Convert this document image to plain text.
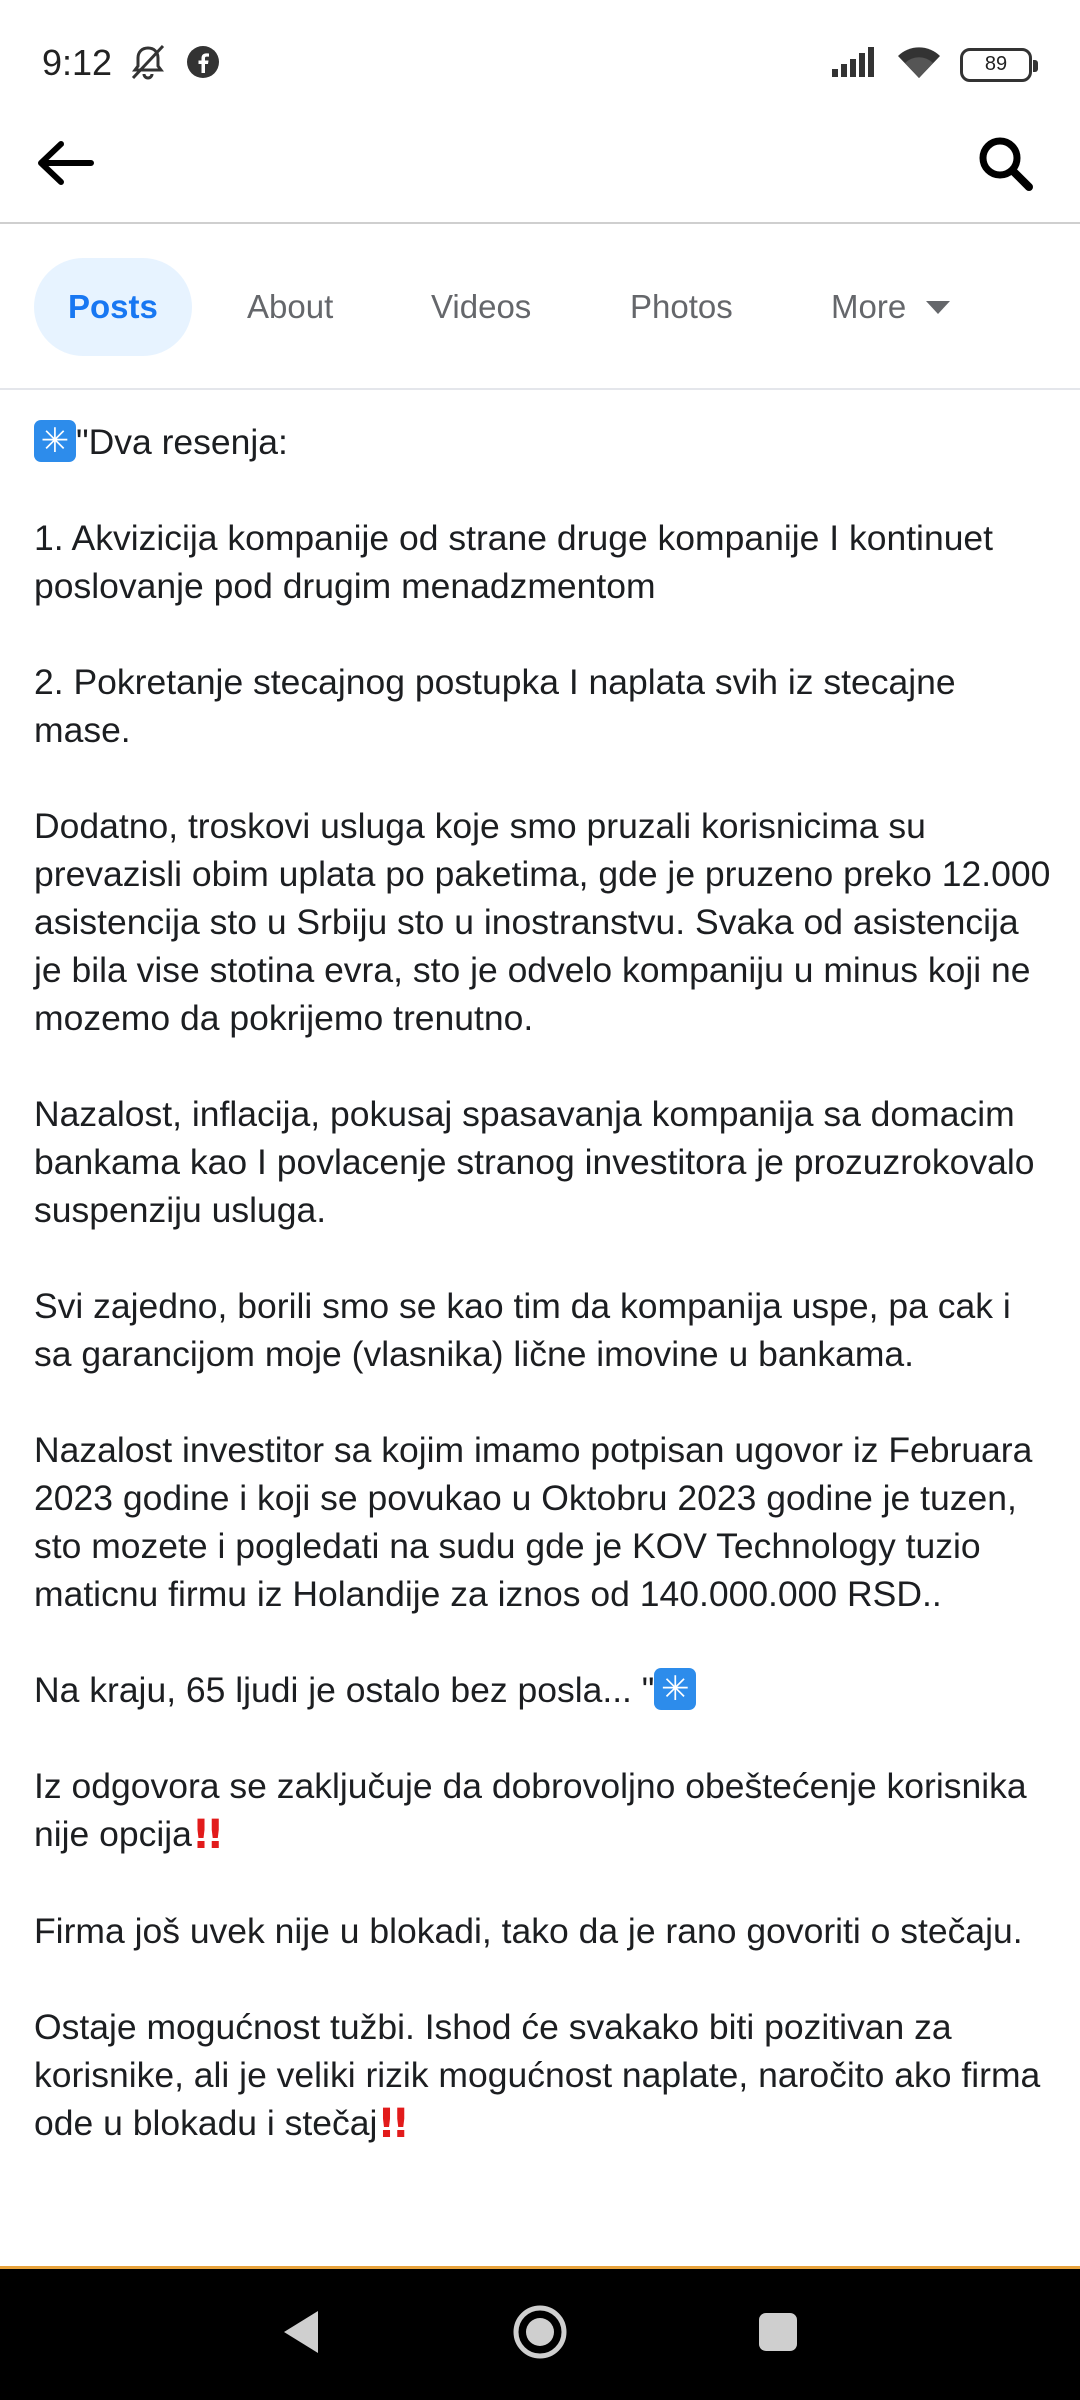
9:12	89
Posts	About	Videos	Photos	More

✳"Dva resenja:

1. Akvizicija kompanije od strane druge kompanije I kontinuet poslovanje pod drugim menadzmentom

2. Pokretanje stecajnog postupka I naplata svih iz stecajne mase.

Dodatno, troskovi usluga koje smo pruzali korisnicima su prevazisli obim uplata po paketima, gde je pruzeno preko 12.000 asistencija sto u Srbiju sto u inostranstvu. Svaka od asistencija je bila vise stotina evra, sto je odvelo kompaniju u minus koji ne mozemo da pokrijemo trenutno.

Nazalost, inflacija, pokusaj spasavanja kompanija sa domacim bankama kao I povlacenje stranog investitora je prozuzrokovalo suspenziju usluga.

Svi zajedno, borili smo se kao tim da kompanija uspe, pa cak i sa garancijom moje (vlasnika) lične imovine u bankama.

Nazalost investitor sa kojim imamo potpisan ugovor iz Februara 2023 godine i koji se povukao u Oktobru 2023 godine je tuzen, sto mozete i pogledati na sudu gde je KOV Technology tuzio maticnu firmu iz Holandije za iznos od 140.000.000 RSD..

Na kraju, 65 ljudi je ostalo bez posla... "✳

Iz odgovora se zaključuje da dobrovoljno obeštećenje korisnika nije opcija!!

Firma još uvek nije u blokadi, tako da je rano govoriti o stečaju.

Ostaje mogućnost tužbi. Ishod će svakako biti pozitivan za korisnike, ali je veliki rizik mogućnost naplate, naročito ako firma ode u blokadu i stečaj!!
